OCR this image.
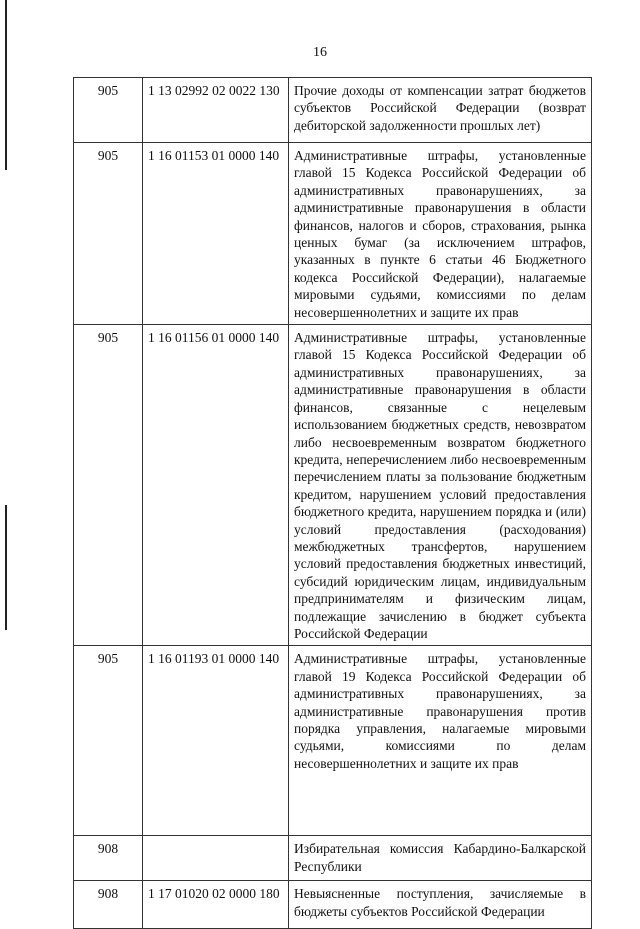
16
905	1 13 02992 02 0022 130	Прочие доходы от компенсации затрат бюджетов субъектов Российской Федерации (возврат дебиторской задолженности прошлых лет)

905	1 16 01153 01 0000 140	Административные штрафы, установленные главой 15 Кодекса Российской Федерации об административных правонарушениях, за административные правонарушения в области финансов, налогов и сборов, страхования, рынка ценных бумаг (за исключением штрафов, указанных в пункте 6 статьи 46 Бюджетного кодекса Российской Федерации), налагаемые мировыми судьями, комиссиями по делам несовершеннолетних и защите их прав

905	1 16 01156 01 0000 140	Административные штрафы, установленные главой 15 Кодекса Российской Федерации об административных правонарушениях, за административные правонарушения в области финансов, связанные с нецелевым использованием бюджетных средств, невозвратом либо несвоевременным возвратом бюджетного кредита, неперечислением либо несвоевременным перечислением платы за пользование бюджетным кредитом, нарушением условий предоставления бюджетного кредита, нарушением порядка и (или) условий предоставления (расходования) межбюджетных трансфертов, нарушением условий предоставления бюджетных инвестиций, субсидий юридическим лицам, индивидуальным предпринимателям и физическим лицам, подлежащие зачислению в бюджет субъекта Российской Федерации

905	1 16 01193 01 0000 140	Административные штрафы, установленные главой 19 Кодекса Российской Федерации об административных правонарушениях, за административные правонарушения против порядка управления, налагаемые мировыми судьями, комиссиями по делам несовершеннолетних и защите их прав

908		Избирательная комиссия Кабардино-Балкарской Республики

908	1 17 01020 02 0000 180	Невыясненные поступления, зачисляемые в бюджеты субъектов Российской Федерации
